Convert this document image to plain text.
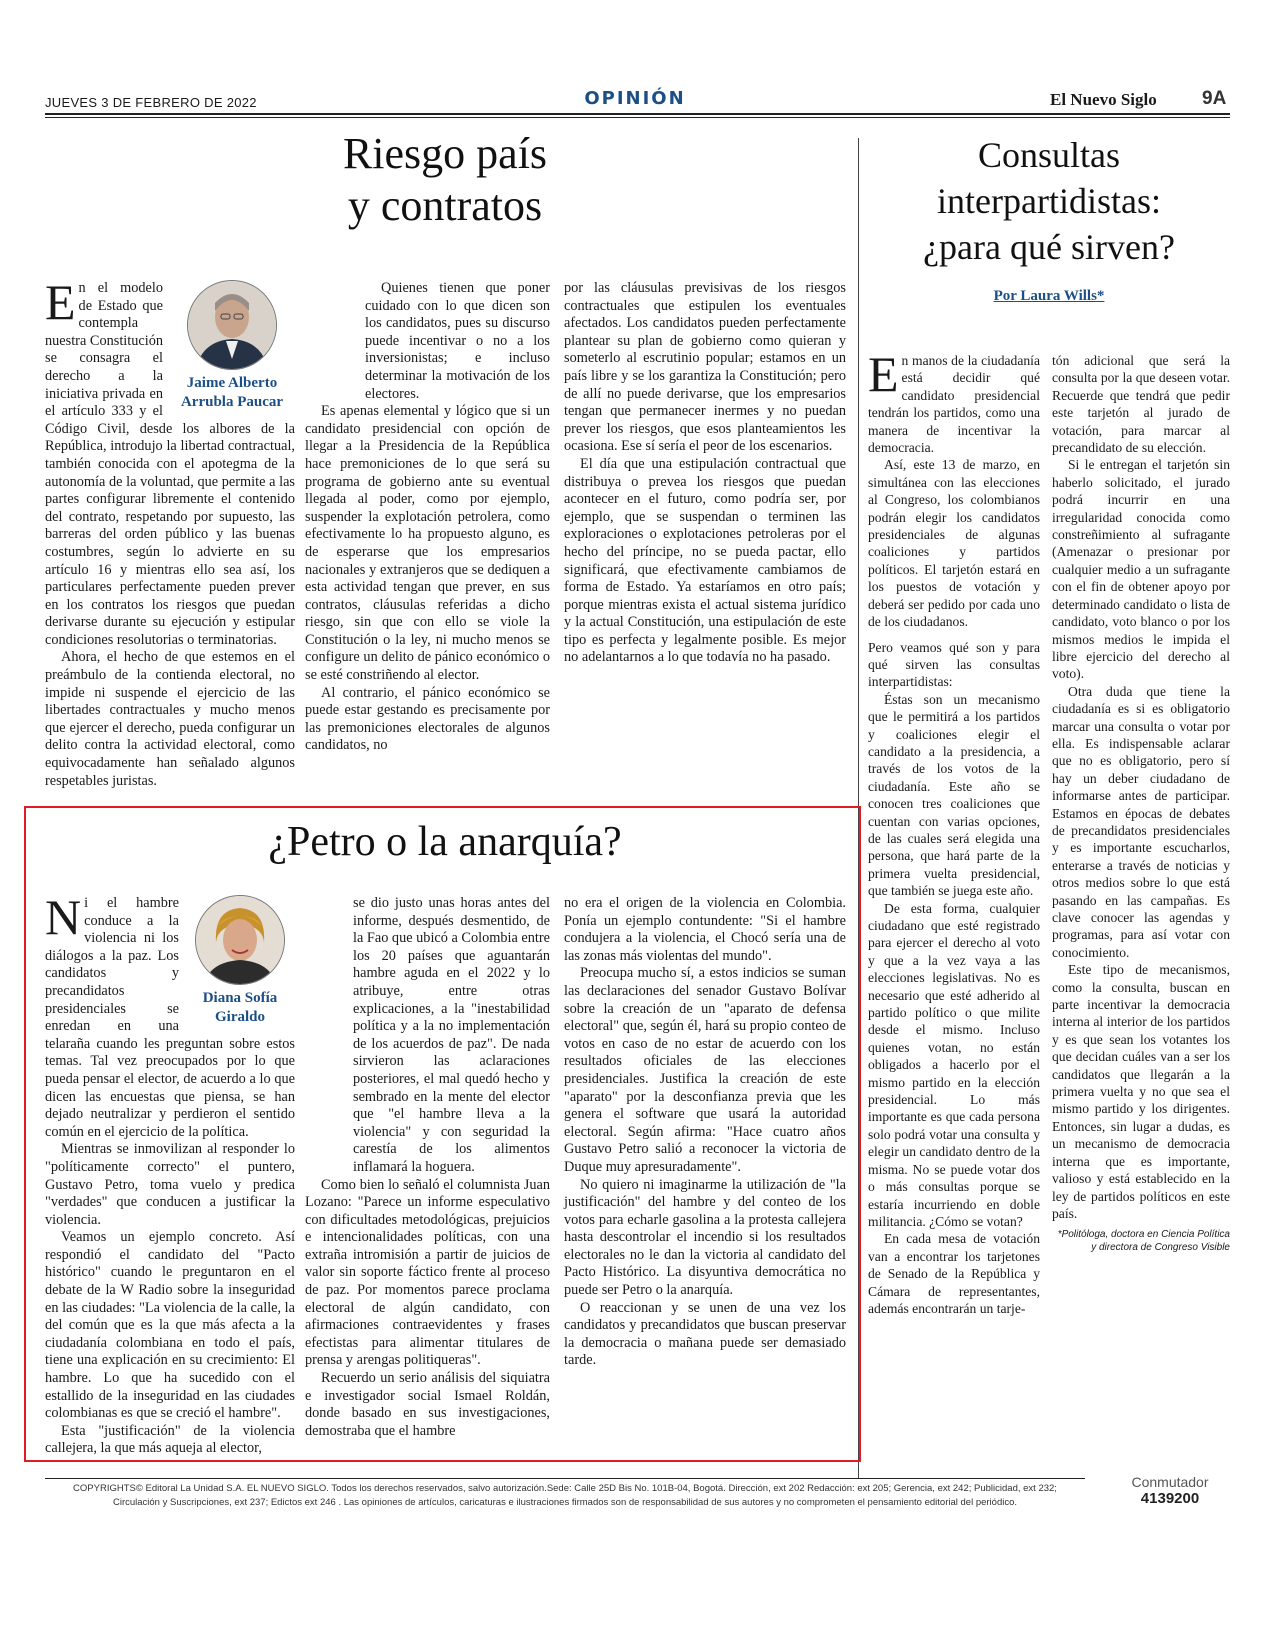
JUEVES 3 DE FEBRERO DE 2022	OPINIÓN	El Nuevo Siglo 9A
Riesgo país
y contratos
Jaime Alberto
Arrubla Paucar
E n el modelo de Estado que contempla nuestra Constitución se consagra el derecho a la iniciativa privada en el artículo 333 y el Código Civil, desde los albores de la República, introdujo la libertad contractual, también conocida con el apotegma de la autonomía de la voluntad, que permite a las partes configurar libremente el contenido del contrato, respetando por supuesto, las barreras del orden público y las buenas costumbres, según lo advierte en su artículo 16 y mientras ello sea así, los particulares perfectamente pueden prever en los contratos los riesgos que puedan derivarse durante su ejecución y estipular condiciones resolutorias o terminatorias.

Ahora, el hecho de que estemos en el preámbulo de la contienda electoral, no impide ni suspende el ejercicio de las libertades contractuales y mucho menos que ejercer el derecho, pueda configurar un delito contra la actividad electoral, como equivocadamente han señalado algunos respetables juristas.

Quienes tienen que poner cuidado con lo que dicen son los candidatos, pues su discurso puede incentivar o no a los inversionistas; e incluso determinar la motivación de los electores.

Es apenas elemental y lógico que si un candidato presidencial con opción de llegar a la Presidencia de la República hace premoniciones de lo que será su programa de gobierno ante su eventual llegada al poder, como por ejemplo, suspender la explotación petrolera, como efectivamente lo ha propuesto alguno, es de esperarse que los empresarios nacionales y extranjeros que se dediquen a esta actividad tengan que prever, en sus contratos, cláusulas referidas a dicho riesgo, sin que con ello se viole la Constitución o la ley, ni mucho menos se configure un delito de pánico económico o se esté constriñendo al elector.

Al contrario, el pánico económico se puede estar gestando es precisamente por las premoniciones electorales de algunos candidatos, no

por las cláusulas previsivas de los riesgos contractuales que estipulen los eventuales afectados. Los candidatos pueden perfectamente plantear su plan de gobierno como quieran y someterlo al escrutinio popular; estamos en un país libre y se los garantiza la Constitución; pero de allí no puede derivarse, que los empresarios tengan que permanecer inermes y no puedan prever los riesgos, que esos planteamientos les ocasiona. Ese sí sería el peor de los escenarios.

El día que una estipulación contractual que distribuya o prevea los riesgos que puedan acontecer en el futuro, como podría ser, por ejemplo, que se suspendan o terminen las exploraciones o explotaciones petroleras por el hecho del príncipe, no se pueda pactar, ello significará, que efectivamente cambiamos de forma de Estado. Ya estaríamos en otro país; porque mientras exista el actual sistema jurídico y la actual Constitución, una estipulación de este tipo es perfecta y legalmente posible. Es mejor no adelantarnos a lo que todavía no ha pasado.

¿Petro o la anarquía?
Diana Sofía
Giraldo
N i el hambre conduce a la violencia ni los diálogos a la paz. Los candidatos y precandidatos presidenciales se enredan en una telaraña cuando les preguntan sobre estos temas. Tal vez preocupados por lo que pueda pensar el elector, de acuerdo a lo que dicen las encuestas que piensa, se han dejado neutralizar y perdieron el sentido común en el ejercicio de la política.

Mientras se inmovilizan al responder lo "políticamente correcto" el puntero, Gustavo Petro, toma vuelo y predica "verdades" que conducen a justificar la violencia.

Veamos un ejemplo concreto. Así respondió el candidato del "Pacto histórico" cuando le preguntaron en el debate de la W Radio sobre la inseguridad en las ciudades: "La violencia de la calle, la del común que es la que más afecta a la ciudadanía colombiana en todo el país, tiene una explicación en su crecimiento: El hambre. Lo que ha sucedido con el estallido de la inseguridad en las ciudades colombianas es que se creció el hambre".

Esta "justificación" de la violencia callejera, la que más aqueja al elector,

se dio justo unas horas antes del informe, después desmentido, de la Fao que ubicó a Colombia entre los 20 países que aguantarán hambre aguda en el 2022 y lo atribuye, entre otras explicaciones, a la "inestabilidad política y a la no implementación de los acuerdos de paz". De nada sirvieron las aclaraciones posteriores, el mal quedó hecho y sembrado en la mente del elector que "el hambre lleva a la violencia" y con seguridad la carestía de los alimentos inflamará la hoguera.

Como bien lo señaló el columnista Juan Lozano: "Parece un informe especulativo con dificultades metodológicas, prejuicios e intencionalidades políticas, con una extraña intromisión a partir de juicios de valor sin soporte fáctico frente al proceso de paz. Por momentos parece proclama electoral de algún candidato, con afirmaciones contraevidentes y frases efectistas para alimentar titulares de prensa y arengas politiqueras".

Recuerdo un serio análisis del siquiatra e investigador social Ismael Roldán, donde basado en sus investigaciones, demostraba que el hambre

no era el origen de la violencia en Colombia. Ponía un ejemplo contundente: "Si el hambre condujera a la violencia, el Chocó sería una de las zonas más violentas del mundo".

Preocupa mucho sí, a estos indicios se suman las declaraciones del senador Gustavo Bolívar sobre la creación de un "aparato de defensa electoral" que, según él, hará su propio conteo de votos en caso de no estar de acuerdo con los resultados oficiales de las elecciones presidenciales. Justifica la creación de este "aparato" por la desconfianza previa que les genera el software que usará la autoridad electoral. Según afirma: "Hace cuatro años Gustavo Petro salió a reconocer la victoria de Duque muy apresuradamente".

No quiero ni imaginarme la utilización de "la justificación" del hambre y del conteo de los votos para echarle gasolina a la protesta callejera hasta descontrolar el incendio si los resultados electorales no le dan la victoria al candidato del Pacto Histórico. La disyuntiva democrática no puede ser Petro o la anarquía.

O reaccionan y se unen de una vez los candidatos y precandidatos que buscan preservar la democracia o mañana puede ser demasiado tarde.

Consultas
interpartidistas:
¿para qué sirven?
Por Laura Wills*
E n manos de la ciudadanía está decidir qué candidato presidencial tendrán los partidos, como una manera de incentivar la democracia.

Así, este 13 de marzo, en simultánea con las elecciones al Congreso, los colombianos podrán elegir los candidatos presidenciales de algunas coaliciones y partidos políticos. El tarjetón estará en los puestos de votación y deberá ser pedido por cada uno de los ciudadanos.

Pero veamos qué son y para qué sirven las consultas interpartidistas:

Éstas son un mecanismo que le permitirá a los partidos y coaliciones elegir el candidato a la presidencia, a través de los votos de la ciudadanía. Este año se conocen tres coaliciones que cuentan con varias opciones, de las cuales será elegida una persona, que hará parte de la primera vuelta presidencial, que también se juega este año.

De esta forma, cualquier ciudadano que esté registrado para ejercer el derecho al voto y que a la vez vaya a las elecciones legislativas. No es necesario que esté adherido al partido político o que milite desde el mismo. Incluso quienes votan, no están obligados a hacerlo por el mismo partido en la elección presidencial. Lo más importante es que cada persona solo podrá votar una consulta y elegir un candidato dentro de la misma. No se puede votar dos o más consultas porque se estaría incurriendo en doble militancia. ¿Cómo se votan?

En cada mesa de votación van a encontrar los tarjetones de Senado de la República y Cámara de representantes, además encontrarán un tarje-

tón adicional que será la consulta por la que deseen votar. Recuerde que tendrá que pedir este tarjetón al jurado de votación, para marcar al precandidato de su elección.

Si le entregan el tarjetón sin haberlo solicitado, el jurado podrá incurrir en una irregularidad conocida como constreñimiento al sufragante (Amenazar o presionar por cualquier medio a un sufragante con el fin de obtener apoyo por determinado candidato o lista de candidato, voto blanco o por los mismos medios le impida el libre ejercicio del derecho al voto).

Otra duda que tiene la ciudadanía es si es obligatorio marcar una consulta o votar por ella. Es indispensable aclarar que no es obligatorio, pero sí hay un deber ciudadano de informarse antes de participar. Estamos en épocas de debates de precandidatos presidenciales y es importante escucharlos, enterarse a través de noticias y otros medios sobre lo que está pasando en las campañas. Es clave conocer las agendas y programas, para así votar con conocimiento.

Este tipo de mecanismos, como la consulta, buscan en parte incentivar la democracia interna al interior de los partidos y es que sean los votantes los que decidan cuáles van a ser los candidatos que llegarán a la primera vuelta y no que sea el mismo partido y los dirigentes. Entonces, sin lugar a dudas, es un mecanismo de democracia interna que es importante, valioso y está establecido en la ley de partidos políticos en este país.

*Politóloga, doctora en Ciencia Política
y directora de Congreso Visible
COPYRIGHTS© Editoral La Unidad S.A. EL NUEVO SIGLO. Todos los derechos reservados, salvo autorización.Sede: Calle 25D Bis No. 101B-04, Bogotá. Dirección, ext 202 Redacción: ext 205; Gerencia, ext 242; Publicidad, ext 232;
Circulación y Suscripciones, ext 237; Edictos ext 246 . Las opiniones de artículos, caricaturas e ilustraciones firmados son de responsabilidad de sus autores y no comprometen el pensamiento editorial del periódico.
Conmutador
4139200
